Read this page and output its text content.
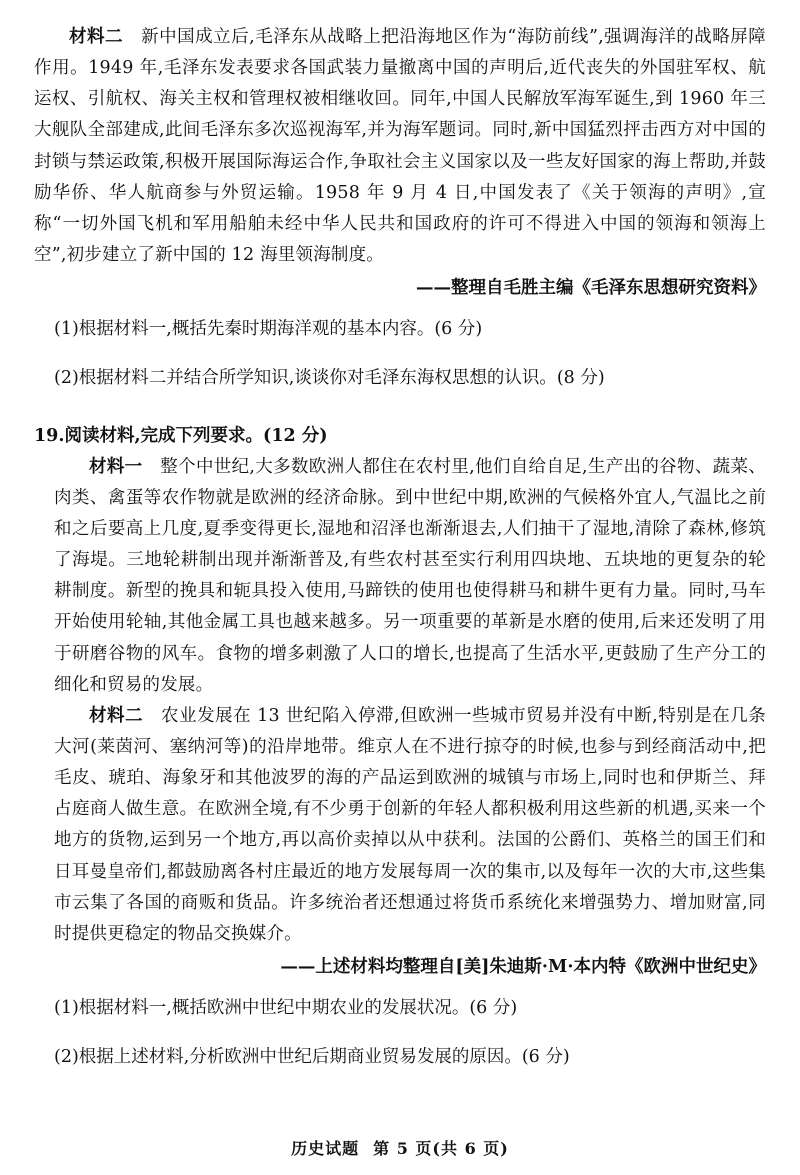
材料二　 新中国成立后,毛泽东从战略上把沿海地区作为“海防前线”,强调海洋的战略屏障作用。1949 年,毛泽东发表要求各国武装力量撤离中国的声明后,近代丧失的外国驻军权、航运权、引航权、海关主权和管理权被相继收回。同年,中国人民解放军海军诞生,到 1960 年三大舰队全部建成,此间毛泽东多次巡视海军,并为海军题词。同时,新中国猛烈抨击西方对中国的封锁与禁运政策,积极开展国际海运合作,争取社会主义国家以及一些友好国家的海上帮助,并鼓励华侨、华人航商参与外贸运输。1958 年 9 月 4 日,中国发表了《关于领海的声明》,宣称“一切外国飞机和军用船舶未经中华人民共和国政府的许可不得进入中国的领海和领海上空”,初步建立了新中国的 12 海里领海制度。

——整理自毛胜主编《毛泽东思想研究资料》

(1)根据材料一,概括先秦时期海洋观的基本内容。(6 分)

(2)根据材料二并结合所学知识,谈谈你对毛泽东海权思想的认识。(8 分)

19.阅读材料,完成下列要求。(12 分)

材料一　 整个中世纪,大多数欧洲人都住在农村里,他们自给自足,生产出的谷物、蔬菜、肉类、禽蛋等农作物就是欧洲的经济命脉。到中世纪中期,欧洲的气候格外宜人,气温比之前和之后要高上几度,夏季变得更长,湿地和沼泽也渐渐退去,人们抽干了湿地,清除了森林,修筑了海堤。三地轮耕制出现并渐渐普及,有些农村甚至实行利用四块地、五块地的更复杂的轮耕制度。新型的挽具和轭具投入使用,马蹄铁的使用也使得耕马和耕牛更有力量。同时,马车开始使用轮轴,其他金属工具也越来越多。另一项重要的革新是水磨的使用,后来还发明了用于研磨谷物的风车。食物的增多刺激了人口的增长,也提高了生活水平,更鼓励了生产分工的细化和贸易的发展。

材料二　 农业发展在 13 世纪陷入停滞,但欧洲一些城市贸易并没有中断,特别是在几条大河(莱茵河、塞纳河等)的沿岸地带。维京人在不进行掠夺的时候,也参与到经商活动中,把毛皮、琥珀、海象牙和其他波罗的海的产品运到欧洲的城镇与市场上,同时也和伊斯兰、拜占庭商人做生意。在欧洲全境,有不少勇于创新的年轻人都积极利用这些新的机遇,买来一个地方的货物,运到另一个地方,再以高价卖掉以从中获利。法国的公爵们、英格兰的国王们和日耳曼皇帝们,都鼓励离各村庄最近的地方发展每周一次的集市,以及每年一次的大市,这些集市云集了各国的商贩和货品。许多统治者还想通过将货币系统化来增强势力、增加财富,同时提供更稳定的物品交换媒介。

——上述材料均整理自[美]朱迪斯·M·本内特《欧洲中世纪史》

(1)根据材料一,概括欧洲中世纪中期农业的发展状况。(6 分)

(2)根据上述材料,分析欧洲中世纪后期商业贸易发展的原因。(6 分)

历史试题 第 5 页(共 6 页)
